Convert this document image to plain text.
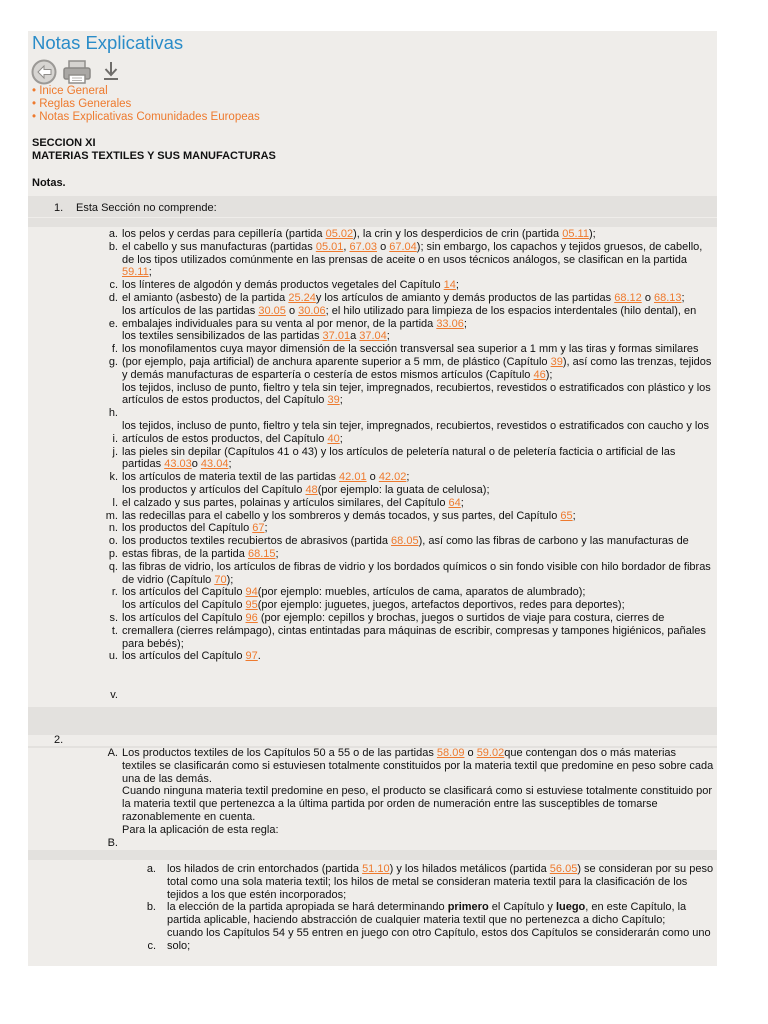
Notas Explicativas
• Inice General
• Reglas Generales
• Notas Explicativas Comunidades Europeas
SECCION XI
MATERIAS TEXTILES Y SUS MANUFACTURAS
Notas.
1. Esta Sección no comprende:
a.
b.

c.
d.

e.

f.
g.

h.

i.
j.

k.

l.
m.
n.
o.
p.
q.

r.

s.
t.

u.

v.
los pelos y cerdas para cepillería (partida 05.02), la crin y los desperdicios de crin (partida 05.11);
el cabello y sus manufacturas (partidas 05.01, 67.03 o 67.04); sin embargo, los capachos y tejidos gruesos, de cabello, de los tipos utilizados comúnmente en las prensas de aceite o en usos técnicos análogos, se clasifican en la partida 59.11;
los línteres de algodón y demás productos vegetales del Capítulo 14;
el amianto (asbesto) de la partida 25.24y los artículos de amianto y demás productos de las partidas 68.12 o 68.13;
los artículos de las partidas 30.05 o 30.06; el hilo utilizado para limpieza de los espacios interdentales (hilo dental), en embalajes individuales para su venta al por menor, de la partida 33.06;
los textiles sensibilizados de las partidas 37.01a 37.04;
los monofilamentos cuya mayor dimensión de la sección transversal sea superior a 1 mm y las tiras y formas similares (por ejemplo, paja artificial) de anchura aparente superior a 5 mm, de plástico (Capítulo 39), así como las trenzas, tejidos y demás manufacturas de espartería o cestería de estos mismos artículos (Capítulo 46);
los tejidos, incluso de punto, fieltro y tela sin tejer, impregnados, recubiertos, revestidos o estratificados con plástico y los artículos de estos productos, del Capítulo 39;

los tejidos, incluso de punto, fieltro y tela sin tejer, impregnados, recubiertos, revestidos o estratificados con caucho y los artículos de estos productos, del Capítulo 40;
las pieles sin depilar (Capítulos 41 o 43) y los artículos de peletería natural o de peletería facticia o artificial de las partidas 43.03o 43.04;
los artículos de materia textil de las partidas 42.01 o 42.02;
los productos y artículos del Capítulo 48(por ejemplo: la guata de celulosa);
el calzado y sus partes, polainas y artículos similares, del Capítulo 64;
las redecillas para el cabello y los sombreros y demás tocados, y sus partes, del Capítulo 65;
los productos del Capítulo 67;
los productos textiles recubiertos de abrasivos (partida 68.05), así como las fibras de carbono y las manufacturas de estas fibras, de la partida 68.15;
las fibras de vidrio, los artículos de fibras de vidrio y los bordados químicos o sin fondo visible con hilo bordador de fibras de vidrio (Capítulo 70);
los artículos del Capítulo 94(por ejemplo: muebles, artículos de cama, aparatos de alumbrado);
los artículos del Capítulo 95(por ejemplo: juguetes, juegos, artefactos deportivos, redes para deportes);
los artículos del Capítulo 96 (por ejemplo: cepillos y brochas, juegos o surtidos de viaje para costura, cierres de cremallera (cierres relámpago), cintas entintadas para máquinas de escribir, compresas y tampones higiénicos, pañales para bebés);
los artículos del Capítulo 97.
2.
A.

B.
Los productos textiles de los Capítulos 50 a 55 o de las partidas 58.09 o 59.02que contengan dos o más materias
textiles se clasificarán como si estuviesen totalmente constituidos por la materia textil que predomine en peso sobre cada una de las demás.
Cuando ninguna materia textil predomine en peso, el producto se clasificará como si estuviese totalmente constituido por la materia textil que pertenezca a la última partida por orden de numeración entre las susceptibles de tomarse razonablemente en cuenta.
Para la aplicación de esta regla:
a.

b.

c.
los hilados de crin entorchados (partida 51.10) y los hilados metálicos (partida 56.05) se consideran por su peso total como una sola materia textil; los hilos de metal se consideran materia textil para la clasificación de los tejidos a los que estén incorporados;
la elección de la partida apropiada se hará determinando primero el Capítulo y luego, en este Capítulo, la partida aplicable, haciendo abstracción de cualquier materia textil que no pertenezca a dicho Capítulo;
cuando los Capítulos 54 y 55 entren en juego con otro Capítulo, estos dos Capítulos se considerarán como uno solo;
